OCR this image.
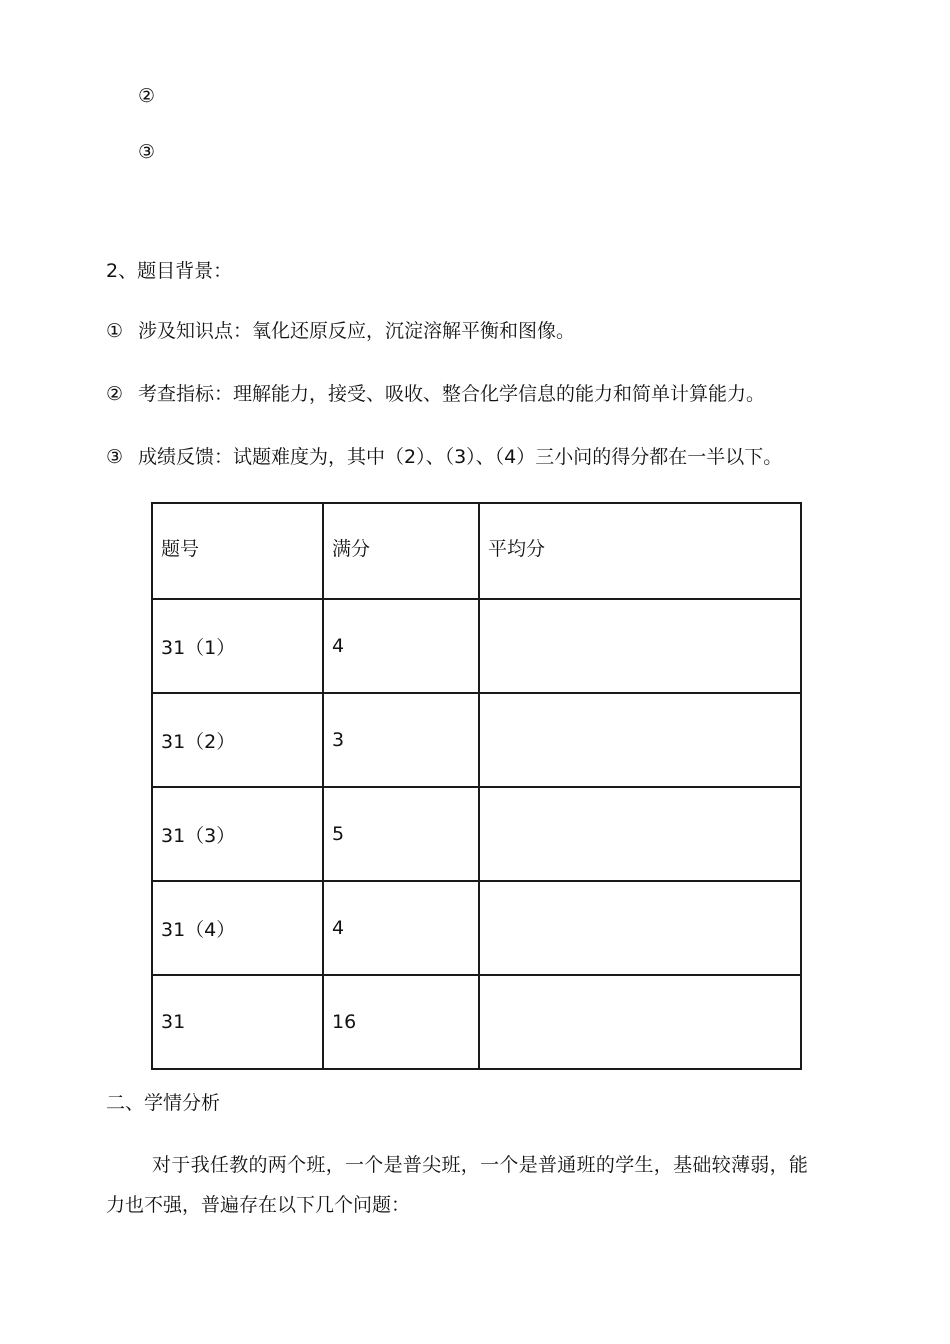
②
③
2、题目背景：
① 涉及知识点：氧化还原反应，沉淀溶解平衡和图像。
② 考查指标：理解能力，接受、吸收、整合化学信息的能力和简单计算能力。
③ 成绩反馈：试题难度为，其中（2）、（3）、（4）三小问的得分都在一半以下。
题号	满分	平均分
31（1）	4	
31（2）	3	
31（3）	5	
31（4）	4	
31	16	
二、学情分析
对于我任教的两个班，一个是普尖班，一个是普通班的学生，基础较薄弱，能
力也不强，普遍存在以下几个问题：
